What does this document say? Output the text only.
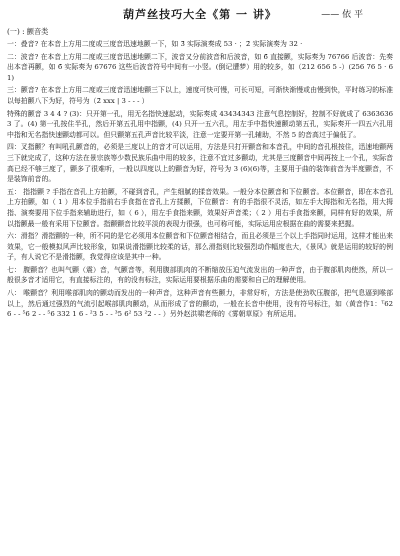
葫芦丝技巧大全《第 一 讲》	—— 依 平
(一) : 颤音类

一：叠音? 在本音上方用二度或三度音迅速地颤一下，如 3̆ 实际演奏成 53 · ；2̆ 实际演奏为 32 ·

二：波音? 在本音上方用二度或三度音迅速地颤二下，波音又分前波音和后波音，如 6̆ 直接颤，实际奏为 76766 后波音：先奏出本音再颤，如 6̆ 实际奏为 67676 这些后波音符号中间有一小竖。(倒记遭梦）用的较多，如（212 656 5 -）(256 76 5 · 61)

三：颤音? 在本音上方用二度或三度音迅速地颤三下以上，速度可快可慢，可长可短，可渐快渐慢或由慢到快，平时练习的标准以每拍颤八下为好，符号为（2̆ xxx | 3 - - - ）

特殊的颤音 3 4 4 ? (3)：只开第一孔，用无名指快速起动，实际奏成 43434343 注意气息控制好，控制不好就成了 63636363 了。(4) 第一孔按住半孔，然后开第五孔用中指颤，(4) 只开一五六孔，用左手中指快速颤动第五孔，实际奏开一四五六孔用中指和无名指快速颤动都可以。但只颤第五孔声音比较平淡，注意一定要开第一孔辅助，不然 5 的音高过于偏低了。

四：叉指颤？有叫吼孔颤音的，必须是三度以上的音才可以运用，方法是只打开颤音和本音孔，中间的音孔根按住，迅速地颤两三下就完成了，这种方法在景宗族等少数民族乐曲中用的较多，注意不宜过多颤动，尤其是三度颤音中间再按上一个孔，实际音高已经不够三度了，颤多了很难听，一般以四度以上的颤音为好，符号为 3 (6)(6)等，主要用于曲的装饰前音为半度颤音，不是装饰前音的。

五： 指指颤 ? 手指在音孔上方拍颤，不碰到音孔，产生细腻的揉音效果。一般分本位颤音和下位颤音。本位颤音，即在本音孔上方拍颤，如（ 1 ）用本位手指前右手食指在音孔上方揉颤，下位颤音：有的手指很不灵活，如左手大拇指和无名指，用大拇指、演奏要用下位手指来辅助进行，如（ 6 ），用左手食指来颤，效果好声音柔；（ 2 ）用右手食指来颤，同样有好的效果，所以指颤最一般有采用下位颤音。指颤颤音比较平淡的表现力很强，也可称可能，实际运用应根据在曲的需要来把握。

六：滑指？滑指颤的一种，所不同的是它必须用本位颤音和下位颤音相结合，而且必须是三个以上手指同时运用，这样才能出来效果，它一般模拟风声比较形象，如果说滑指颤比较柔的话，那么滑指则比较强烈动作幅度也大，《景风》就是运用的较好的例子，有人说它不是滑指颤，我觉得应该是其中一种。

七： 腹颤音？也叫气颤（震）音，气颤音等，利用腹部肌肉的不断缩放压迫气流发出的一种声音，由于腹部肌肉使然，所以一般很多音才适用它，有直接标注的，有的没有标注，实际运用要根据乐曲的需要和自己的理解使用。

八： 喉颤音？利用喉部肌肉的颤动而发出的一种声音，这种声音有些颤力，非常好听，方法是使劲吹压腹部，把气息逼到喉部以上，然后通过强烈的气流引起喉部肌肉颤动，从而形成了音的颤动，一般在长音中使用，没有符号标注，如（黄音作1：ᵀ62 6 - - ⁵6 2 - - ⁵6 332 1 6 - ²3 5 - - ³5 6² 53 ²2 - - ）另外赵洪啸老师的《雾朝草原》有所运用。
